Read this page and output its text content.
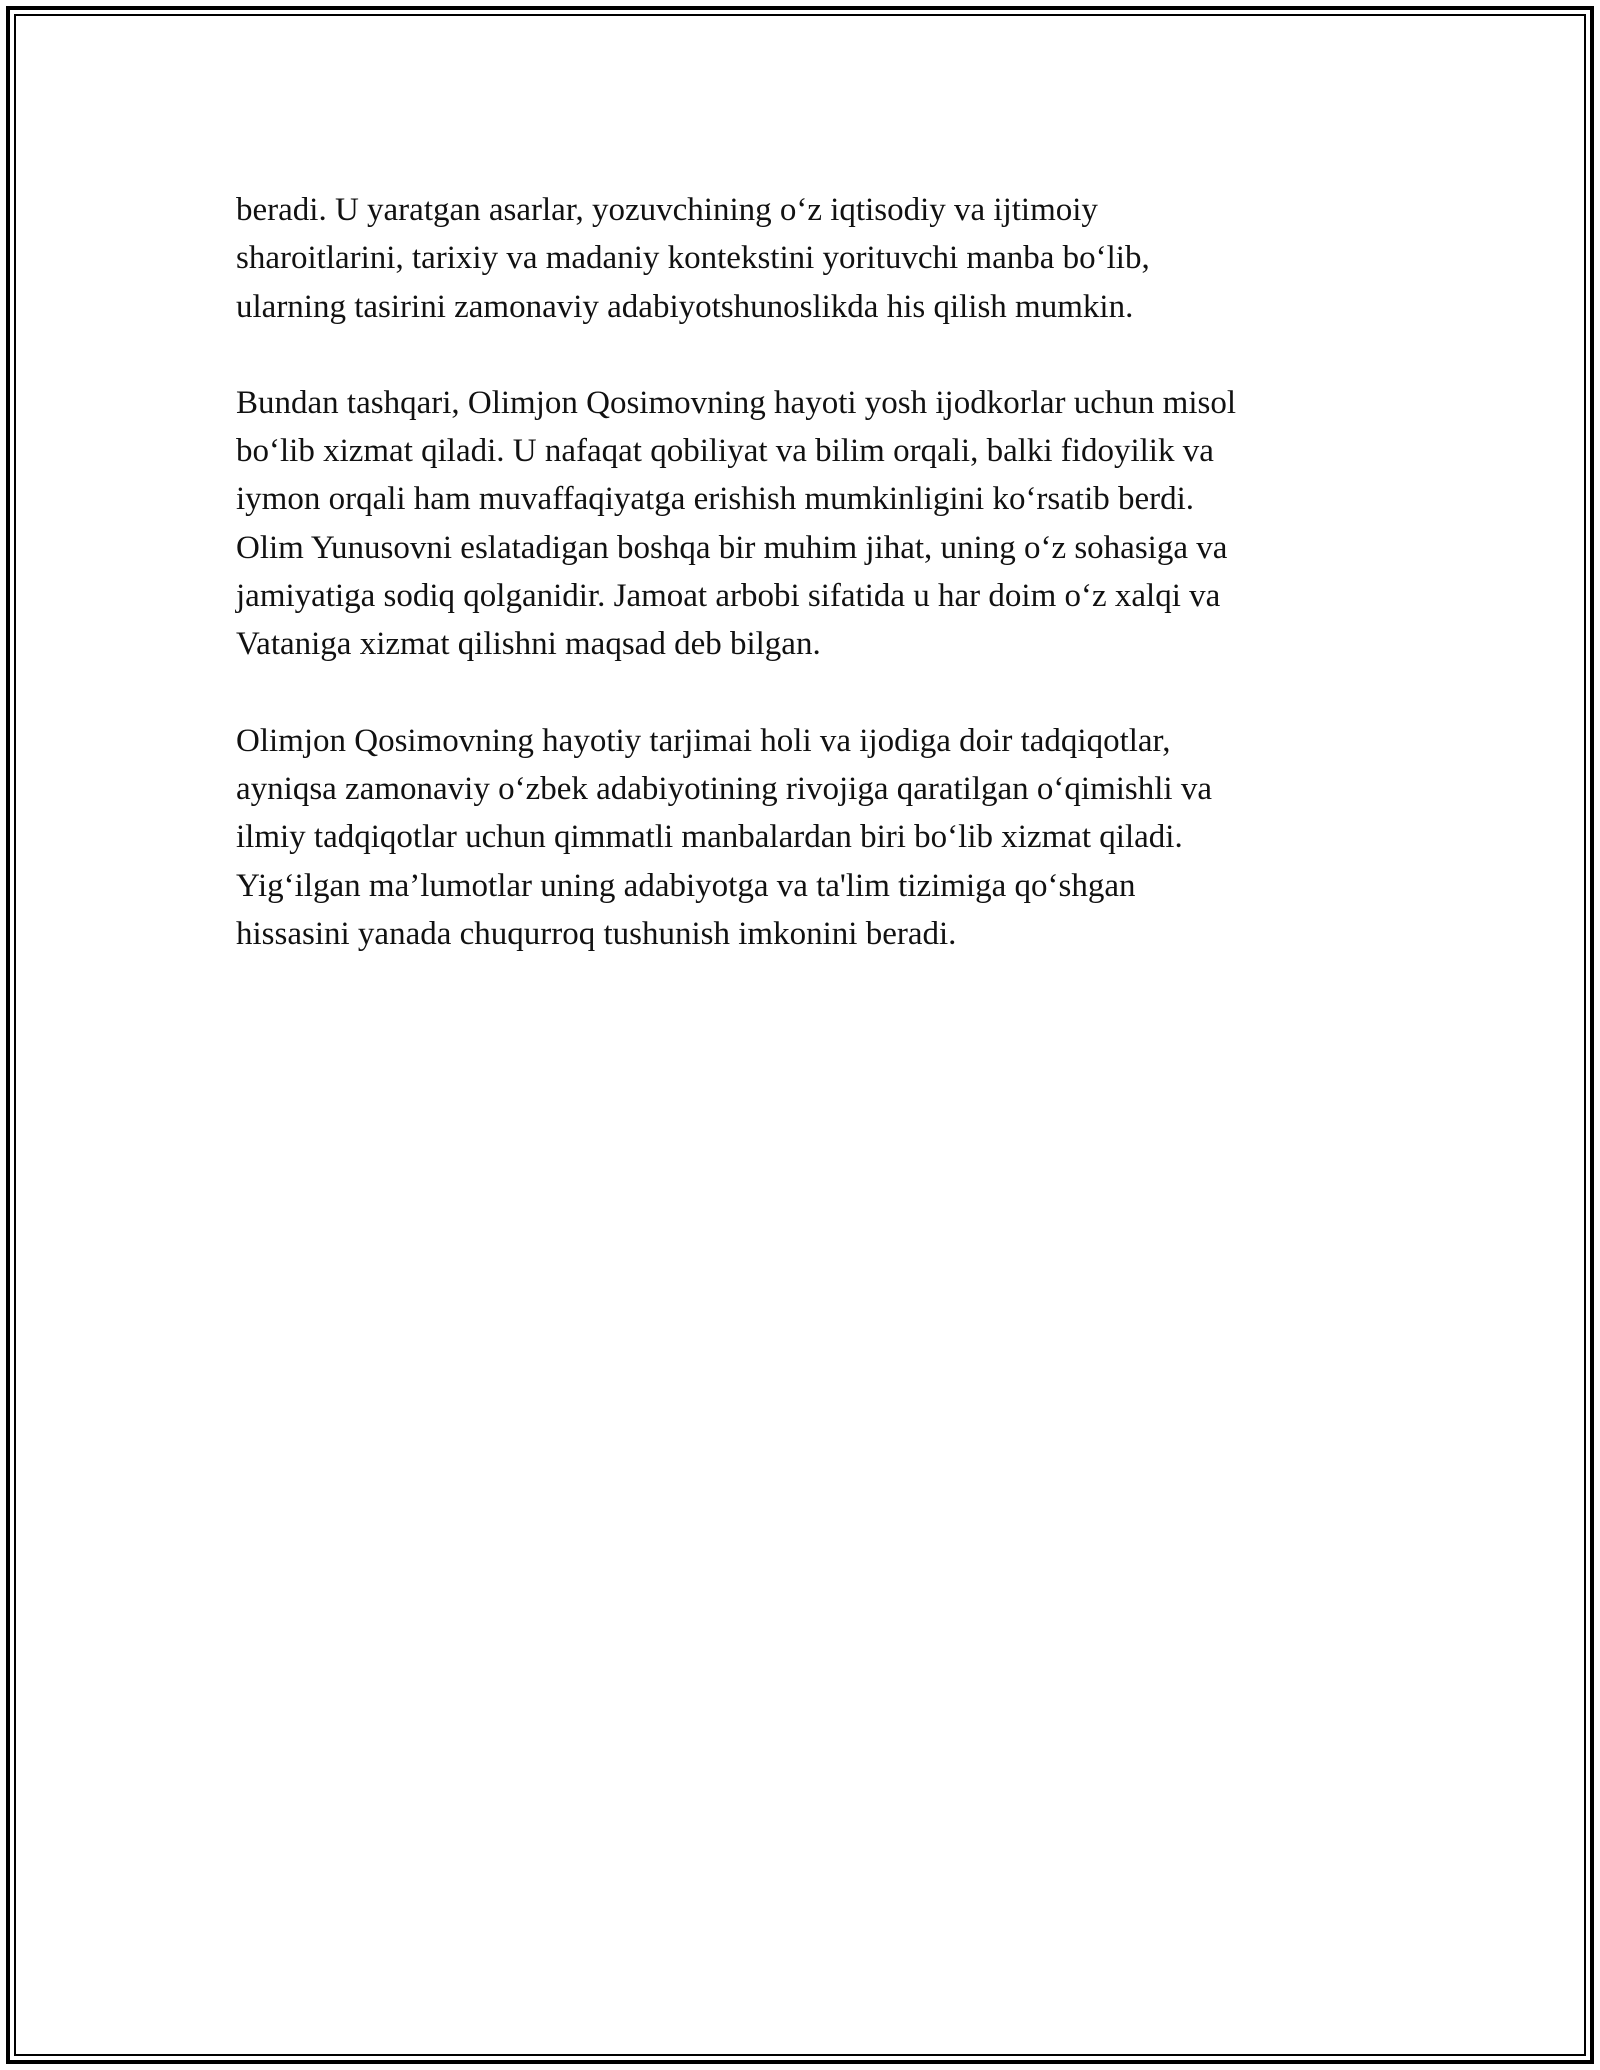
beradi. U yaratgan asarlar, yozuvchining o‘z iqtisodiy va ijtimoiy
sharoitlarini, tarixiy va madaniy kontekstini yorituvchi manba bo‘lib,
ularning tasirini zamonaviy adabiyotshunoslikda his qilish mumkin.

Bundan tashqari, Olimjon Qosimovning hayoti yosh ijodkorlar uchun misol
bo‘lib xizmat qiladi. U nafaqat qobiliyat va bilim orqali, balki fidoyilik va
iymon orqali ham muvaffaqiyatga erishish mumkinligini ko‘rsatib berdi.
Olim Yunusovni eslatadigan boshqa bir muhim jihat, uning o‘z sohasiga va
jamiyatiga sodiq qolganidir. Jamoat arbobi sifatida u har doim o‘z xalqi va
Vataniga xizmat qilishni maqsad deb bilgan.

Olimjon Qosimovning hayotiy tarjimai holi va ijodiga doir tadqiqotlar,
ayniqsa zamonaviy o‘zbek adabiyotining rivojiga qaratilgan o‘qimishli va
ilmiy tadqiqotlar uchun qimmatli manbalardan biri bo‘lib xizmat qiladi.
Yig‘ilgan ma’lumotlar uning adabiyotga va ta'lim tizimiga qo‘shgan
hissasini yanada chuqurroq tushunish imkonini beradi.
